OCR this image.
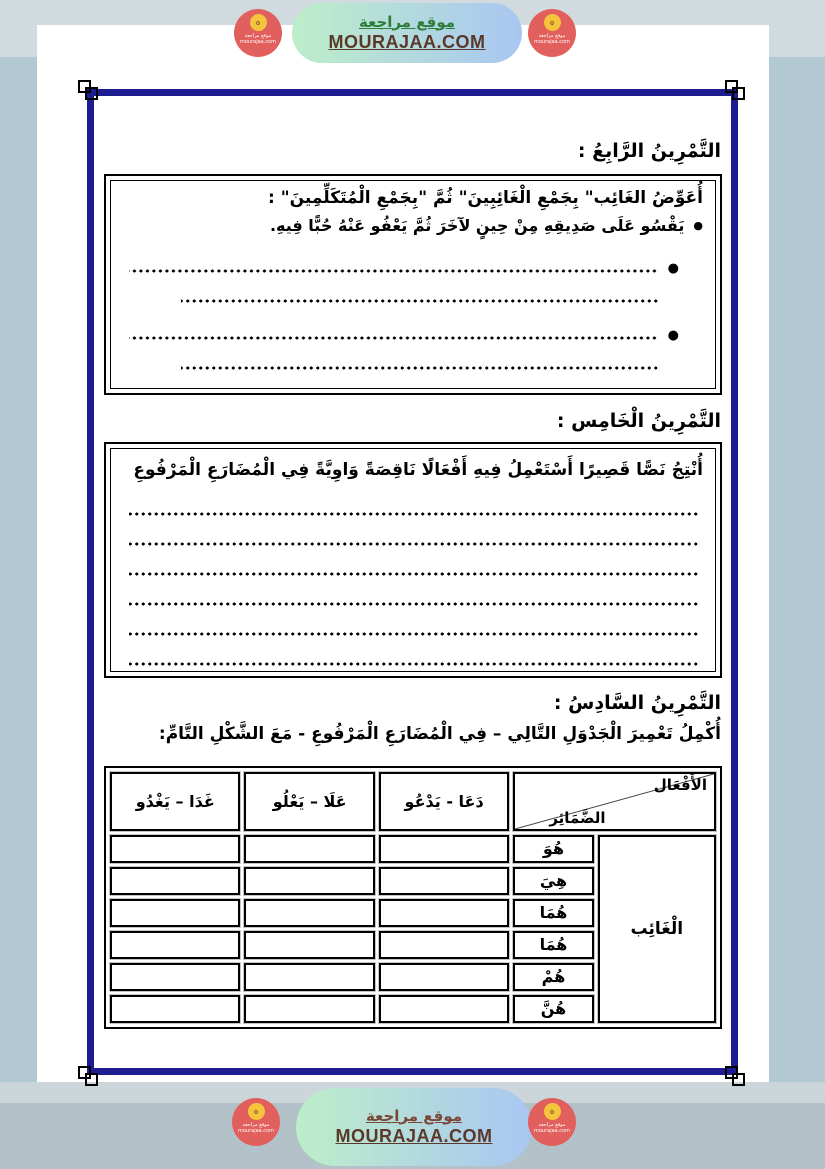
موقع مراجعة
MOURAJAA.COM
۞
موقع مراجعة
mourajaa.com
۞
موقع مراجعة
mourajaa.com
التَّمْرِينُ الرَّابِعُ :
أُعَوِّضُ الغَائِب" بِجَمْعِ الْغَائِبِينَ" ثُمَّ "بِجَمْعِ الْمُتَكَلِّمِينَ" :
●
يَقْسُو عَلَى صَدِيقِهِ مِنْ حِينٍ لآخَرَ ثُمَّ يَعْفُو عَنْهُ حُبًّا فِيهِ.
●
●
التَّمْرِينُ الْخَامِس :
أُنْتِجُ نَصًّا قَصِيرًا أَسْتَعْمِلُ فِيهِ أَفْعَالًا نَاقِصَةً وَاوِيَّةً فِي الْمُضَارَعِ الْمَرْفُوعِ
التَّمْرِينُ السَّادِسُ :
أُكْمِلُ تَعْمِيرَ الْجَدْوَلِ التَّالِي – فِي الْمُضَارَعِ الْمَرْفُوعِ - مَعَ الشَّكْلِ التَّامِّ:
الأَفْعَال
الضَّمَائِر		دَعَا - يَدْعُو	عَلَا – يَعْلُو	غَدَا – يَغْدُو
الْغَائِب	هُوَ			
	هِيَ			
	هُمَا			
	هُمَا			
	هُمْ			
	هُنَّ			
موقع مراجعة
MOURAJAA.COM
۞
موقع مراجعة
mourajaa.com
۞
موقع مراجعة
mourajaa.com
